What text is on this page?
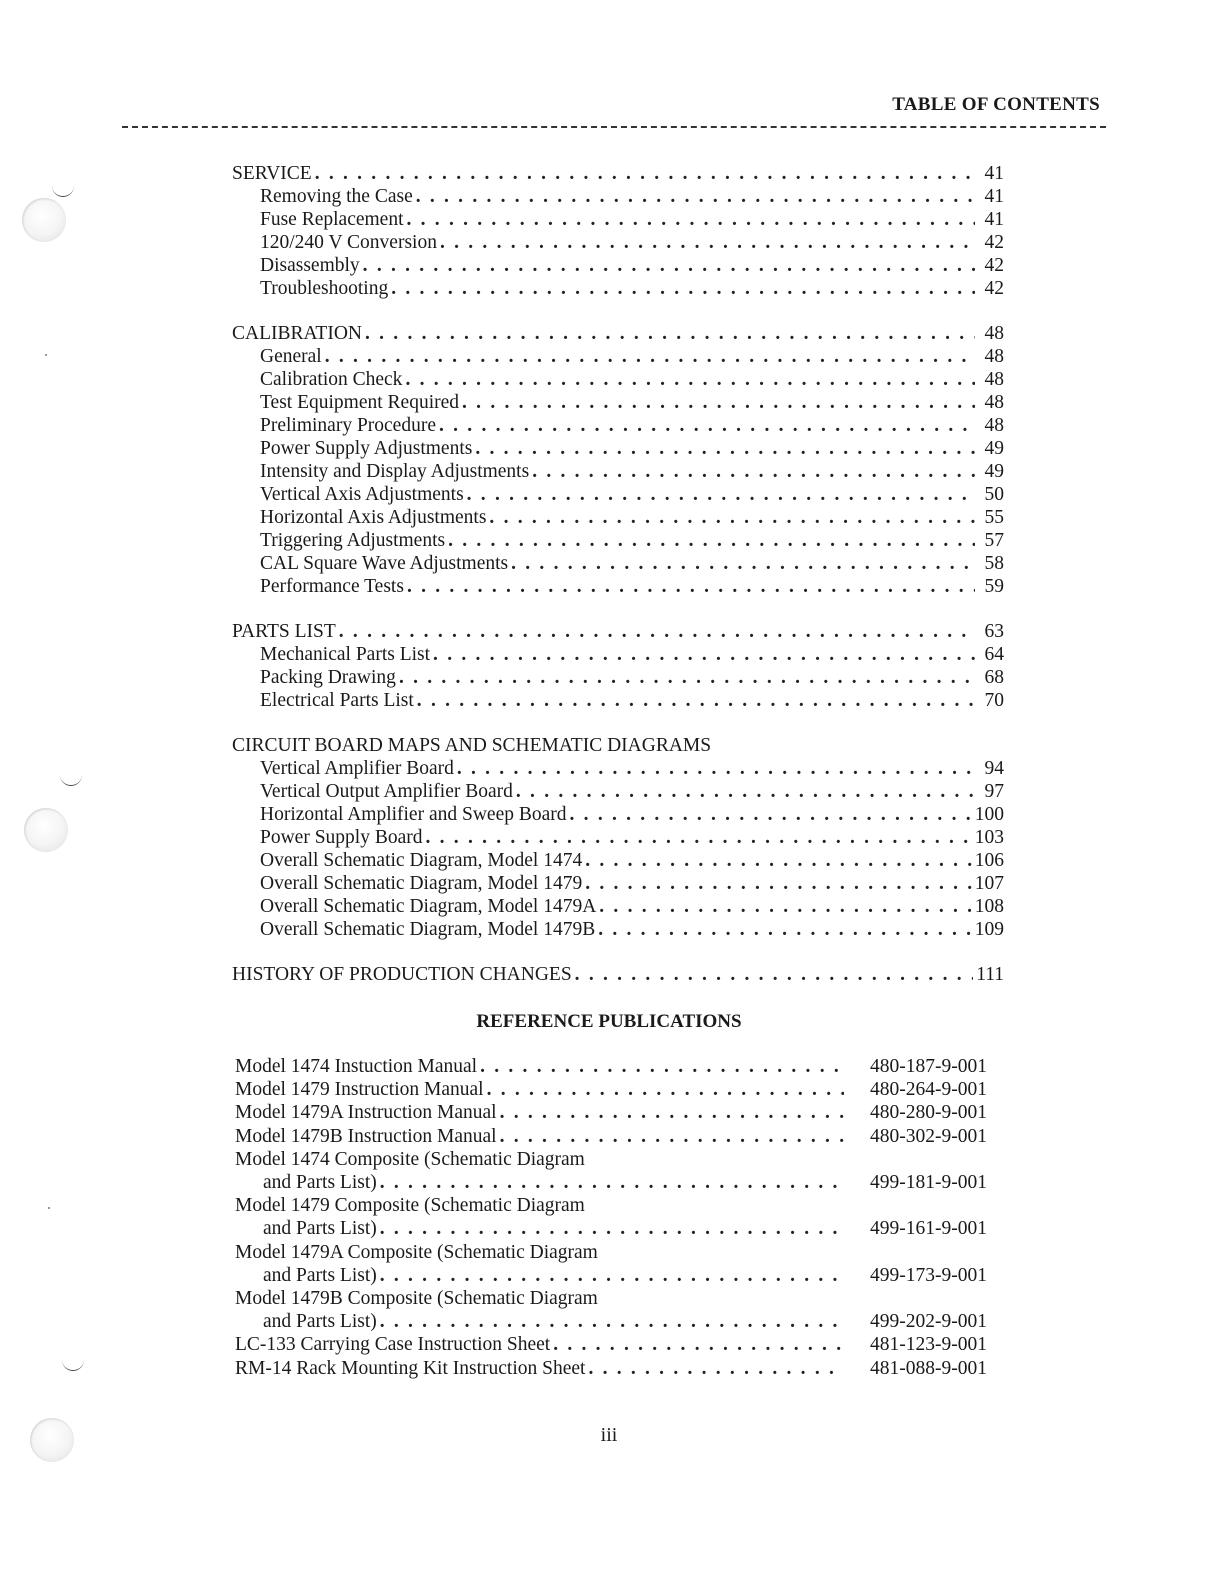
TABLE OF CONTENTS
SERVICE . . .	41
Removing the Case . . .	41
Fuse Replacement . . .	41
120/240 V Conversion . . .	42
Disassembly . . .	42
Troubleshooting . . .	42
CALIBRATION . . .	48
General . . .	48
Calibration Check . . .	48
Test Equipment Required . . .	48
Preliminary Procedure . . .	48
Power Supply Adjustments . . .	49
Intensity and Display Adjustments . . .	49
Vertical Axis Adjustments . . .	50
Horizontal Axis Adjustments . . .	55
Triggering Adjustments . . .	57
CAL Square Wave Adjustments . . .	58
Performance Tests . . .	59
PARTS LIST . . .	63
Mechanical Parts List . . .	64
Packing Drawing . . .	68
Electrical Parts List . . .	70
CIRCUIT BOARD MAPS AND SCHEMATIC DIAGRAMS
Vertical Amplifier Board . . .	94
Vertical Output Amplifier Board . . .	97
Horizontal Amplifier and Sweep Board . . .	100
Power Supply Board . . .	103
Overall Schematic Diagram, Model 1474 . . .	106
Overall Schematic Diagram, Model 1479 . . .	107
Overall Schematic Diagram, Model 1479A . . .	108
Overall Schematic Diagram, Model 1479B . . .	109
HISTORY OF PRODUCTION CHANGES . . .	111
REFERENCE PUBLICATIONS
Model 1474 Instuction Manual . . .	480-187-9-001
Model 1479 Instruction Manual . . .	480-264-9-001
Model 1479A Instruction Manual . . .	480-280-9-001
Model 1479B Instruction Manual . . .	480-302-9-001
Model 1474 Composite (Schematic Diagram
and Parts List) . . .	499-181-9-001
Model 1479 Composite (Schematic Diagram
and Parts List) . . .	499-161-9-001
Model 1479A Composite (Schematic Diagram
and Parts List) . . .	499-173-9-001
Model 1479B Composite (Schematic Diagram
and Parts List) . . .	499-202-9-001
LC-133 Carrying Case Instruction Sheet . . .	481-123-9-001
RM-14 Rack Mounting Kit Instruction Sheet . . .	481-088-9-001
iii
